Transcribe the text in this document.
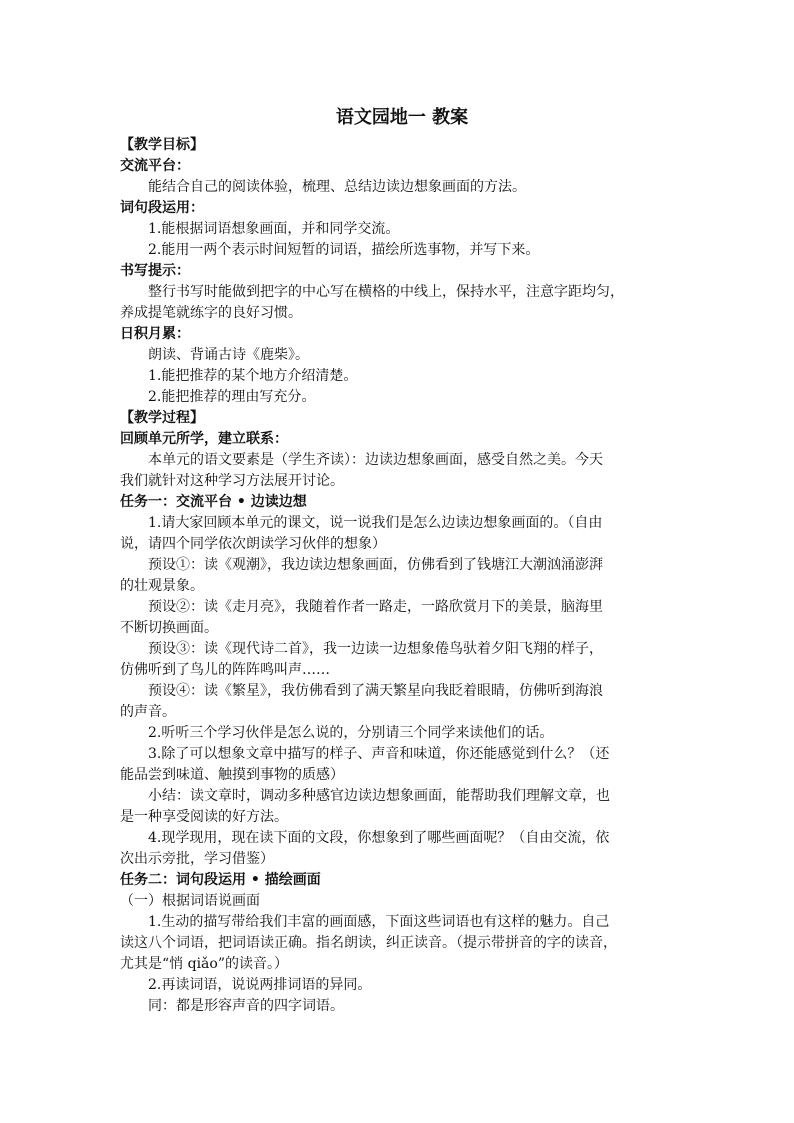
语文园地一 教案

【教学目标】

交流平台：

能结合自己的阅读体验，梳理、总结边读边想象画面的方法。

词句段运用：

1.能根据词语想象画面，并和同学交流。

2.能用一两个表示时间短暂的词语，描绘所选事物，并写下来。

书写提示：

整行书写时能做到把字的中心写在横格的中线上，保持水平，注意字距均匀，

养成提笔就练字的良好习惯。

日积月累：

朗读、背诵古诗《鹿柴》。

1.能把推荐的某个地方介绍清楚。

2.能把推荐的理由写充分。

【教学过程】

回顾单元所学，建立联系：

本单元的语文要素是（学生齐读）：边读边想象画面，感受自然之美。今天

我们就针对这种学习方法展开讨论。

任务一：交流平台 • 边读边想

1.请大家回顾本单元的课文，说一说我们是怎么边读边想象画面的。（自由

说，请四个同学依次朗读学习伙伴的想象）

预设①：读《观潮》，我边读边想象画面，仿佛看到了钱塘江大潮汹涌澎湃

的壮观景象。

预设②：读《走月亮》，我随着作者一路走，一路欣赏月下的美景，脑海里

不断切换画面。

预设③：读《现代诗二首》，我一边读一边想象倦鸟驮着夕阳飞翔的样子，

仿佛听到了鸟儿的阵阵鸣叫声……

预设④：读《繁星》，我仿佛看到了满天繁星向我眨着眼睛，仿佛听到海浪

的声音。

2.听听三个学习伙伴是怎么说的，分别请三个同学来读他们的话。

3.除了可以想象文章中描写的样子、声音和味道，你还能感觉到什么？（还

能品尝到味道、触摸到事物的质感）

小结：读文章时，调动多种感官边读边想象画面，能帮助我们理解文章，也

是一种享受阅读的好方法。

4.现学现用，现在读下面的文段，你想象到了哪些画面呢？（自由交流，依

次出示旁批，学习借鉴）

任务二：词句段运用 • 描绘画面

（一）根据词语说画面

1.生动的描写带给我们丰富的画面感，下面这些词语也有这样的魅力。自己

读这八个词语，把词语读正确。指名朗读，纠正读音。（提示带拼音的字的读音，

尤其是“悄 qiǎo”的读音。）

2.再读词语，说说两排词语的异同。

同：都是形容声音的四字词语。
